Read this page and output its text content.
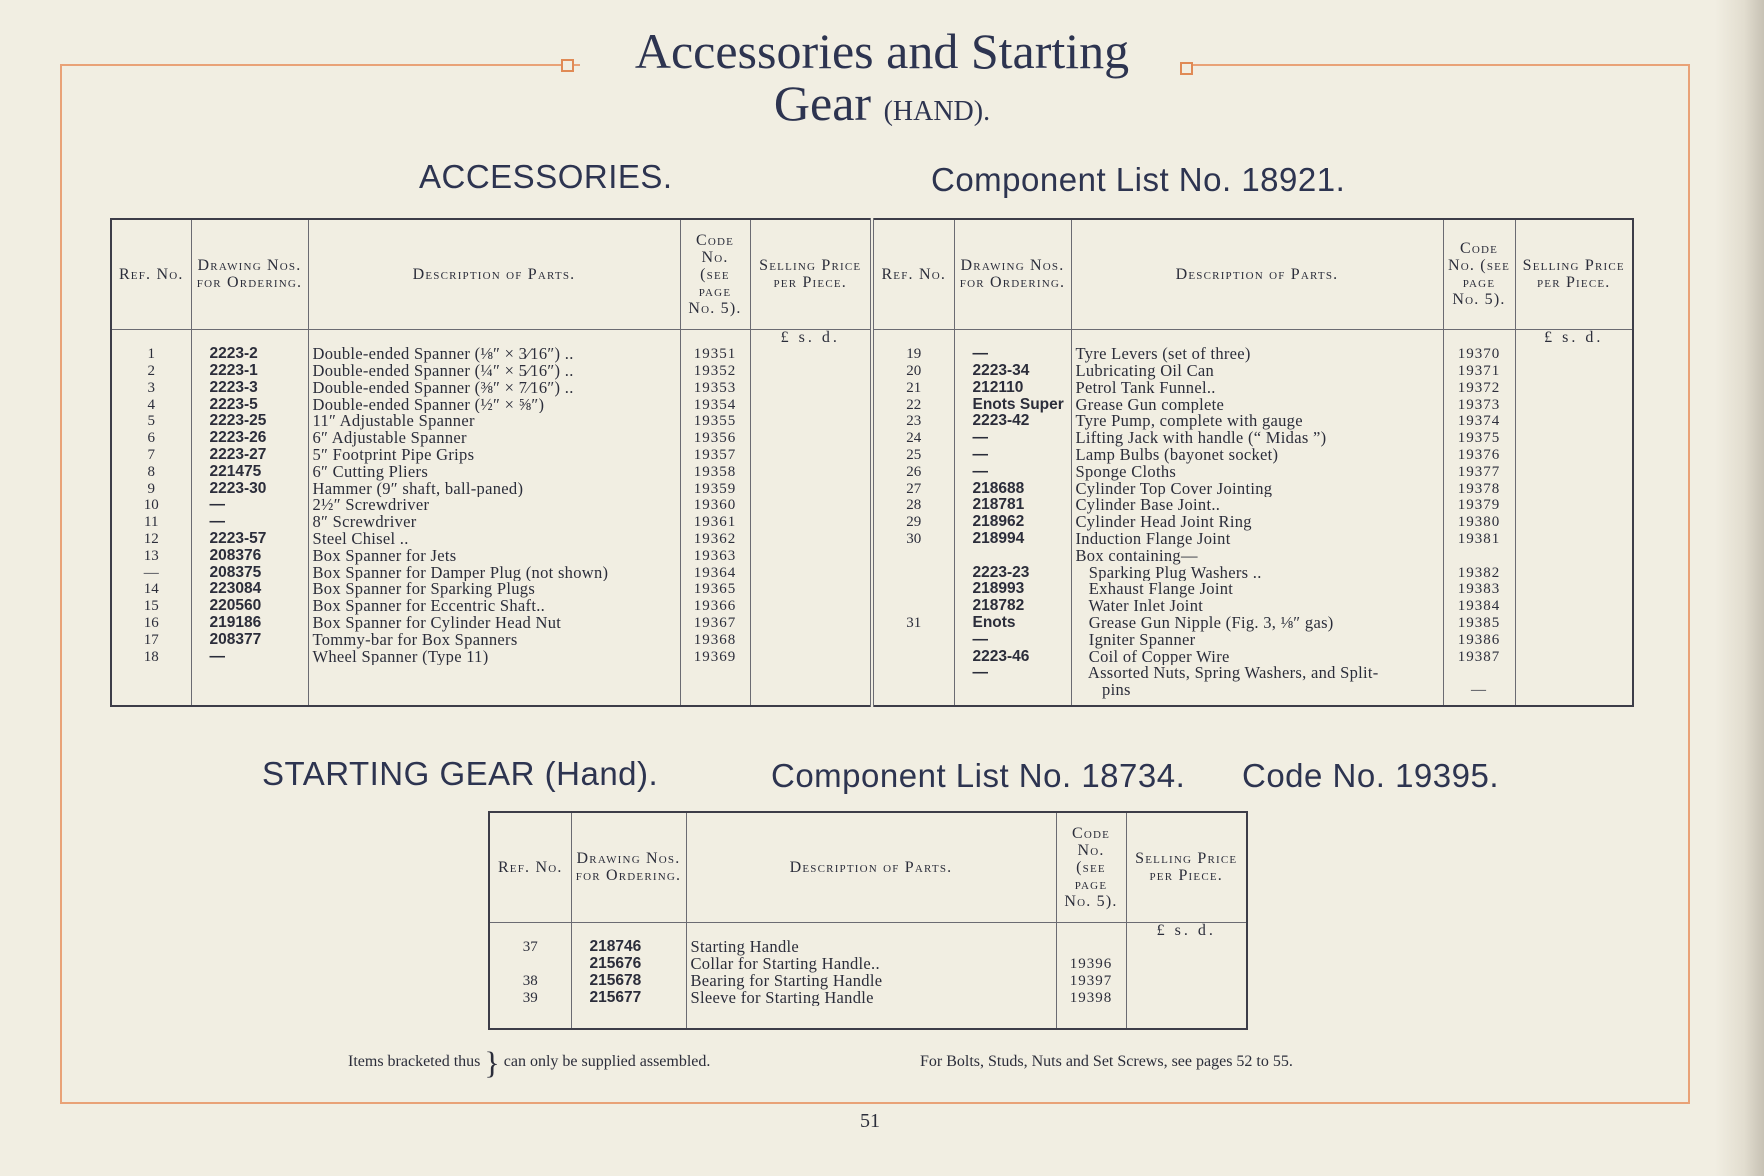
Accessories and Starting
Gear (HAND).
ACCESSORIES.	Component List No. 18921.
Ref. No.	Drawing Nos. for Ordering.	Description of Parts.	Code No. (see page No. 5).	Selling Price per Piece.	Ref. No.	Drawing Nos. for Ordering.	Description of Parts.	Code No. (see page No. 5).	Selling Price per Piece.
				£ s. d.					£ s. d.
1	2223-2	Double-ended Spanner (⅛″ × 3⁄16″) ..	19351		19	—	Tyre Levers (set of three)	19370	
2	2223-1	Double-ended Spanner (¼″ × 5⁄16″) ..	19352		20	2223-34	Lubricating Oil Can	19371	
3	2223-3	Double-ended Spanner (⅜″ × 7⁄16″) ..	19353		21	212110	Petrol Tank Funnel..	19372	
4	2223-5	Double-ended Spanner (½″ × ⅝″)	19354		22	Enots Super	Grease Gun complete	19373	
5	2223-25	11″ Adjustable Spanner	19355		23	2223-42	Tyre Pump, complete with gauge	19374	
6	2223-26	6″ Adjustable Spanner	19356		24	—	Lifting Jack with handle (“ Midas ”)	19375	
7	2223-27	5″ Footprint Pipe Grips	19357		25	—	Lamp Bulbs (bayonet socket)	19376	
8	221475	6″ Cutting Pliers	19358		26	—	Sponge Cloths	19377	
9	2223-30	Hammer (9″ shaft, ball-paned)	19359		27	218688	Cylinder Top Cover Jointing	19378	
10	—	2½″ Screwdriver	19360		28	218781	Cylinder Base Joint..	19379	
11	—	8″ Screwdriver	19361		29	218962	Cylinder Head Joint Ring	19380	
12	2223-57	Steel Chisel ..	19362		30	218994	Induction Flange Joint	19381	
13	208376	Box Spanner for Jets	19363				Box containing—		
—	208375	Box Spanner for Damper Plug (not shown)	19364			2223-23	Sparking Plug Washers ..	19382	
14	223084	Box Spanner for Sparking Plugs	19365			218993	Exhaust Flange Joint	19383	
15	220560	Box Spanner for Eccentric Shaft..	19366			218782	Water Inlet Joint	19384	
16	219186	Box Spanner for Cylinder Head Nut	19367		31	Enots	Grease Gun Nipple (Fig. 3, ⅛″ gas)	19385	
17	208377	Tommy-bar for Box Spanners	19368			—	Igniter Spanner	19386	
18	—	Wheel Spanner (Type 11)	19369			2223-46	Coil of Copper Wire	19387	
						—	Assorted Nuts, Spring Washers, and Split-		
							pins	—	

STARTING GEAR (Hand).	Component List No. 18734. Code No. 19395.
Ref. No.	Drawing Nos. for Ordering.	Description of Parts.	Code No. (see page No. 5).	Selling Price per Piece.
				£ s. d.
37	218746	Starting Handle		
	215676	Collar for Starting Handle..	19396	
38	215678	Bearing for Starting Handle	19397	
39	215677	Sleeve for Starting Handle	19398	

Items bracketed thus } can only be supplied assembled.	For Bolts, Studs, Nuts and Set Screws, see pages 52 to 55.
51
